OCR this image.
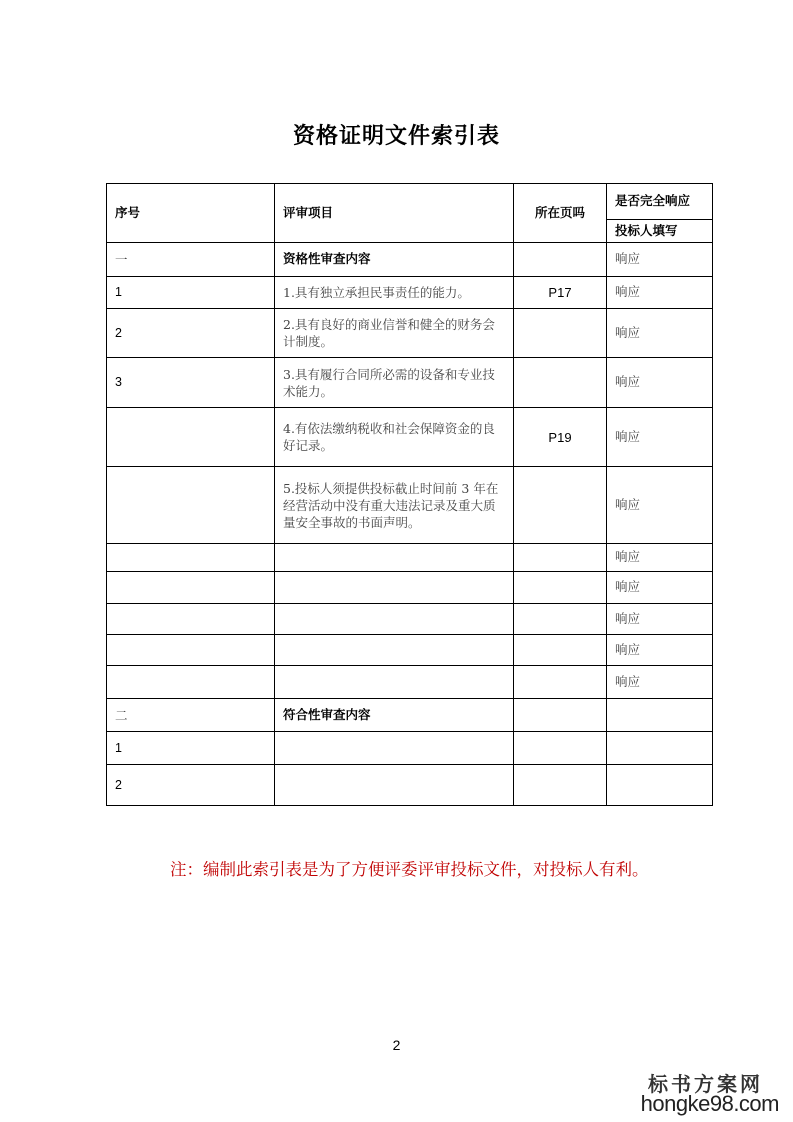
资格证明文件索引表
序号	评审项目	所在页吗	是否完全响应
			投标人填写
一	资格性审查内容		响应
1	1.具有独立承担民事责任的能力。	P17	响应
2	2.具有良好的商业信誉和健全的财务会计制度。		响应
3	3.具有履行合同所必需的设备和专业技术能力。		响应
	4.有依法缴纳税收和社会保障资金的良好记录。	P19	响应
	5.投标人须提供投标截止时间前 3 年在经营活动中没有重大违法记录及重大质量安全事故的书面声明。		响应
			响应
			响应
			响应
			响应
			响应
二	符合性审查内容		
1			
2			
注：编制此索引表是为了方便评委评审投标文件，对投标人有利。
2
标书方案网
hongke98.com
